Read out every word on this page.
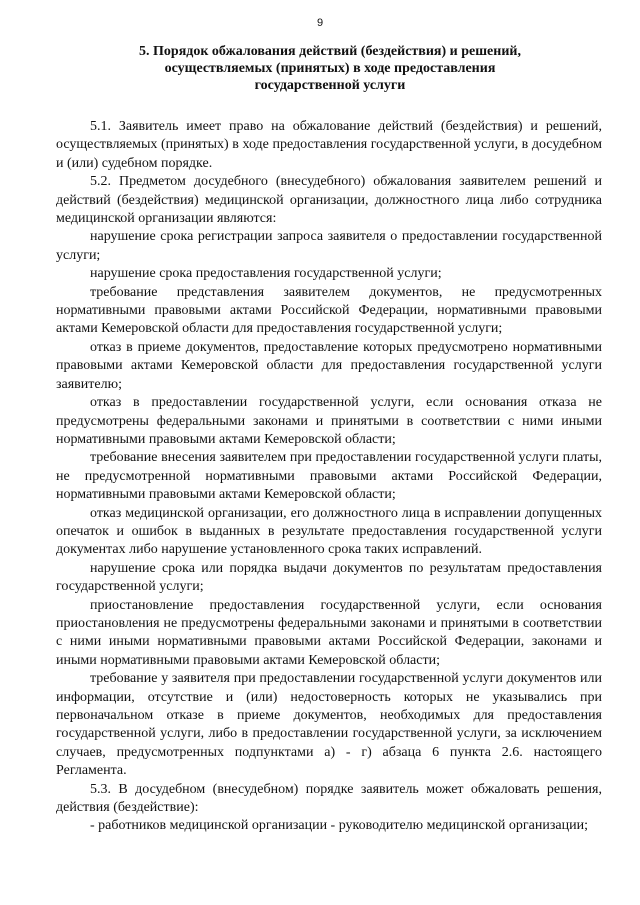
9
5. Порядок обжалования действий (бездействия) и решений,
осуществляемых (принятых) в ходе предоставления
государственной услуги

5.1. Заявитель имеет право на обжалование действий (бездействия) и решений, осуществляемых (принятых) в ходе предоставления государственной услуги, в досудебном и (или) судебном порядке.

5.2. Предметом досудебного (внесудебного) обжалования заявителем решений и действий (бездействия) медицинской организации, должностного лица либо сотрудника медицинской организации являются:

нарушение срока регистрации запроса заявителя о предоставлении государственной услуги;

нарушение срока предоставления государственной услуги;

требование представления заявителем документов, не предусмотренных нормативными правовыми актами Российской Федерации, нормативными правовыми актами Кемеровской области для предоставления государственной услуги;

отказ в приеме документов, предоставление которых предусмотрено нормативными правовыми актами Кемеровской области для предоставления государственной услуги заявителю;

отказ в предоставлении государственной услуги, если основания отказа не предусмотрены федеральными законами и принятыми в соответствии с ними иными нормативными правовыми актами Кемеровской области;

требование внесения заявителем при предоставлении государственной услуги платы, не предусмотренной нормативными правовыми актами Российской Федерации, нормативными правовыми актами Кемеровской области;

отказ медицинской организации, его должностного лица в исправлении допущенных опечаток и ошибок в выданных в результате предоставления государственной услуги документах либо нарушение установленного срока таких исправлений.

нарушение срока или порядка выдачи документов по результатам предоставления государственной услуги;

приостановление предоставления государственной услуги, если основания приостановления не предусмотрены федеральными законами и принятыми в соответствии с ними иными нормативными правовыми актами Российской Федерации, законами и иными нормативными правовыми актами Кемеровской области;

требование у заявителя при предоставлении государственной услуги документов или информации, отсутствие и (или) недостоверность которых не указывались при первоначальном отказе в приеме документов, необходимых для предоставления государственной услуги, либо в предоставлении государственной услуги, за исключением случаев, предусмотренных подпунктами а) - г) абзаца 6 пункта 2.6. настоящего Регламента.

5.3. В досудебном (внесудебном) порядке заявитель может обжаловать решения, действия (бездействие):

- работников медицинской организации - руководителю медицинской организации;
